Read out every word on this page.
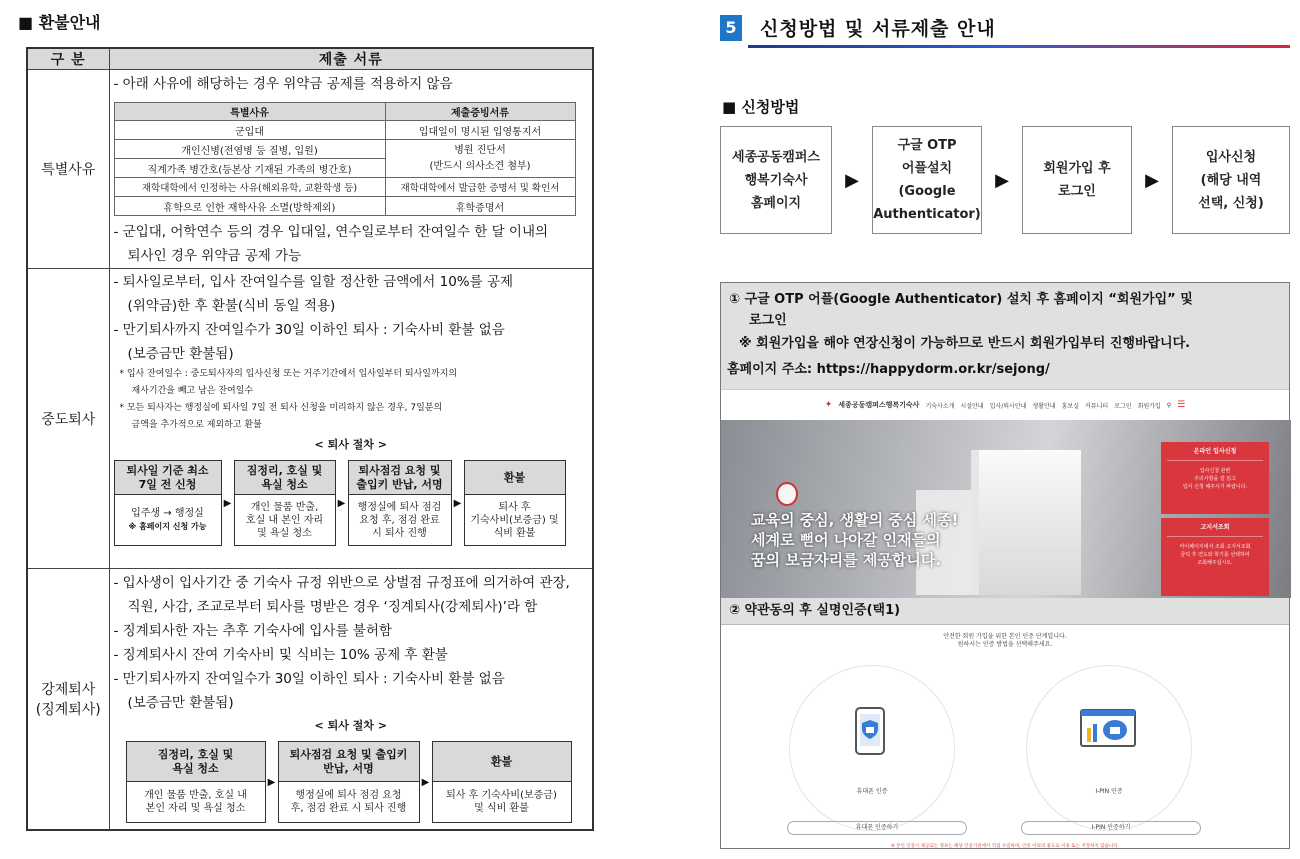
■ 환불안내
구 분	제출 서류
특별사유	
- 아래 사유에 해당하는 경우 위약금 공제를 적용하지 않음
특별사유	제출증빙서류
군입대	입대일이 명시된 입영통지서
개인신병(전염병 등 질병, 입원)	병원 진단서
(반드시 의사소견 첨부)
직계가족 병간호(등본상 기재된 가족의 병간호)
재학대학에서 인정하는 사유(해외유학, 교환학생 등)	재학대학에서 발급한 증명서 및 확인서
휴학으로 인한 재학사유 소멸(방학제외)	휴학증명서
- 군입대, 어학연수 등의 경우 입대일, 연수일로부터 잔여일수 한 달 이내의
퇴사인 경우 위약금 공제 가능

중도퇴사	
- 퇴사일로부터, 입사 잔여일수를 일할 정산한 금액에서 10%를 공제
(위약금)한 후 환불(식비 동일 적용)
- 만기퇴사까지 잔여일수가 30일 이하인 퇴사 : 기숙사비 환불 없음
(보증금만 환불됨)
* 입사 잔여일수 : 중도퇴사자의 입사신청 또는 거주기간에서 입사일부터 퇴사일까지의
재사기간을 빼고 남은 잔여일수
* 모든 퇴사자는 행정실에 퇴사일 7일 전 퇴사 신청을 미리하지 않은 경우, 7일분의
금액을 추가적으로 제외하고 환불
< 퇴사 절차 >
퇴사일 기준 최소
7일 전 신청
입주생 → 행정실
※ 홈페이지 신청 가능
▶
짐정리, 호실 및
욕실 청소
개인 물품 반출,
호실 내 본인 자리
및 욕실 청소
▶
퇴사점검 요청 및
출입키 반납, 서명
행정실에 퇴사 점검
요청 후, 점검 완료
시 퇴사 진행
▶
환불
퇴사 후
기숙사비(보증금) 및
식비 환불

강제퇴사
(징계퇴사)	
- 입사생이 입사기간 중 기숙사 규정 위반으로 상벌점 규정표에 의거하여 관장,
직원, 사감, 조교로부터 퇴사를 명받은 경우 ‘징계퇴사(강제퇴사)’라 함
- 징계퇴사한 자는 추후 기숙사에 입사를 불허함
- 징계퇴사시 잔여 기숙사비 및 식비는 10% 공제 후 환불
- 만기퇴사까지 잔여일수가 30일 이하인 퇴사 : 기숙사비 환불 없음
(보증금만 환불됨)
< 퇴사 절차 >
짐정리, 호실 및
욕실 청소
개인 물품 반출, 호실 내
본인 자리 및 욕실 청소
▶
퇴사점검 요청 및 출입키
반납, 서명
행정실에 퇴사 점검 요청
후, 점검 완료 시 퇴사 진행
▶
환불
퇴사 후 기숙사비(보증금)
및 식비 환불
5 신청방법 및 서류제출 안내
■ 신청방법
세종공동캠퍼스
행복기숙사
홈페이지
▶
구글 OTP
어플설치
(Google
Authenticator)
▶
회원가입 후
로그인
▶
입사신청
(해당 내역
선택, 신청)
① 구글 OTP 어플(Google Authenticator) 설치 후 홈페이지 “회원가입” 및
로그인
※ 회원가입을 해야 연장신청이 가능하므로 반드시 회원가입부터 진행바랍니다.
홈페이지 주소: https://happydorm.or.kr/sejong/
✦ 세종공동캠퍼스행복기숙사 기숙사소개 시설안내 입사/퇴사안내 생활안내 홍보실 커뮤니티 로그인 회원가입 ⚲ ☰
교육의 중심, 생활의 중심 세종!
세계로 뻗어 나아갈 인재들의
꿈의 보금자리를 제공합니다.
온라인 입사신청
입사신청 관련
주의사항을 잘 읽고
입사 신청 해주시기 바랍니다.
고지서조회
마이페이지에서 조회·고지서조회
클릭 후 연도와 학기를 선택하여
조회해주십시오.
② 약관동의 후 실명인증(택1)
안전한 회원 가입을 위한 본인 인증 단계입니다.
원하시는 인증 방법을 선택해주세요.
휴대폰 인증	I-PIN 인증
휴대폰 인증하기	I-PIN 인증하기
※ 본인 인증시 제공되는 정보는 해당 인증기관에서 직접 수집하며, 인증 이외의 용도로 이용 또는 저장하지 않습니다.
